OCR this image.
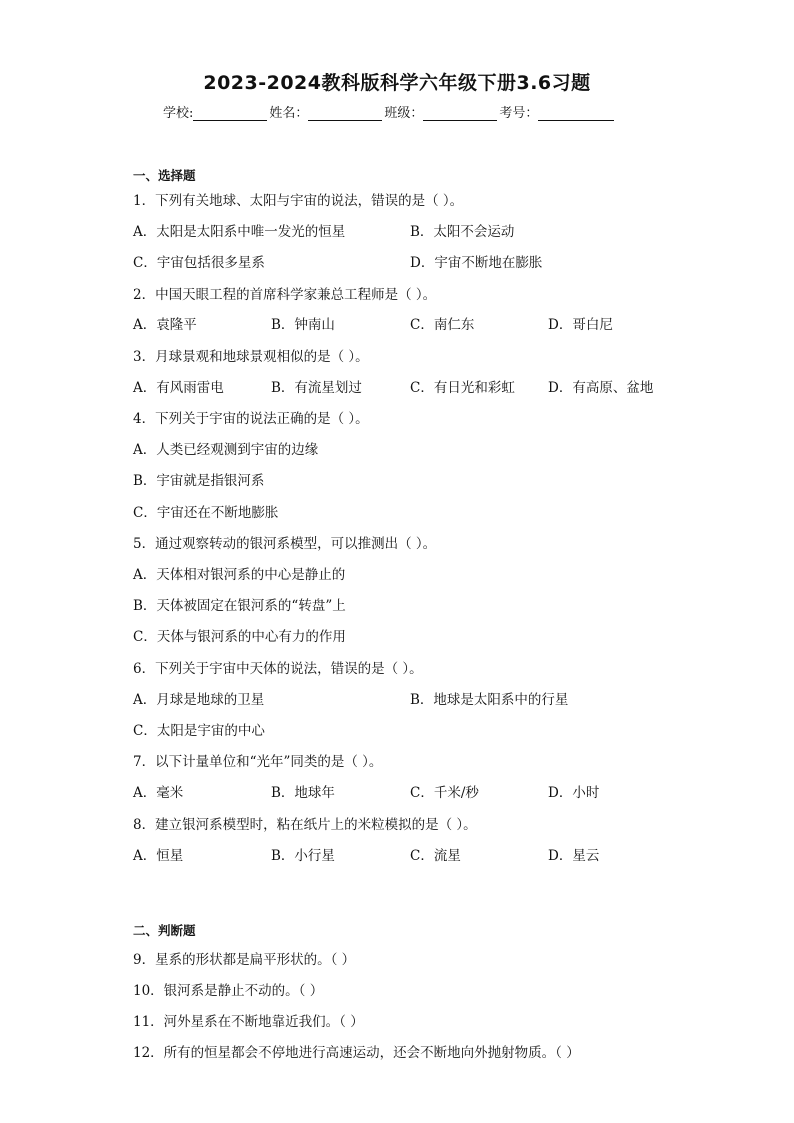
2023-2024教科版科学六年级下册3.6习题
学校:	姓名：	班级：	考号：
一、选择题
1．下列有关地球、太阳与宇宙的说法，错误的是（ ）。
A．太阳是太阳系中唯一发光的恒星	B．太阳不会运动
C．宇宙包括很多星系	D．宇宙不断地在膨胀
2．中国天眼工程的首席科学家兼总工程师是（ ）。
A．袁隆平	B．钟南山	C．南仁东	D．哥白尼
3．月球景观和地球景观相似的是（ ）。
A．有风雨雷电	B．有流星划过	C．有日光和彩虹 D．有高原、盆地
4．下列关于宇宙的说法正确的是（ ）。
A．人类已经观测到宇宙的边缘
B．宇宙就是指银河系
C．宇宙还在不断地膨胀
5．通过观察转动的银河系模型，可以推测出（ ）。
A．天体相对银河系的中心是静止的
B．天体被固定在银河系的“转盘”上
C．天体与银河系的中心有力的作用
6．下列关于宇宙中天体的说法，错误的是（ ）。
A．月球是地球的卫星	B．地球是太阳系中的行星
C．太阳是宇宙的中心
7．以下计量单位和“光年”同类的是（ ）。
A．毫米	B．地球年	C．千米/秒	D．小时
8．建立银河系模型时，粘在纸片上的米粒模拟的是（ ）。
A．恒星	B．小行星	C．流星	D．星云
二、判断题
9．星系的形状都是扁平形状的。（ ）
10．银河系是静止不动的。（ ）
11．河外星系在不断地靠近我们。（ ）
12．所有的恒星都会不停地进行高速运动，还会不断地向外抛射物质。（ ）
